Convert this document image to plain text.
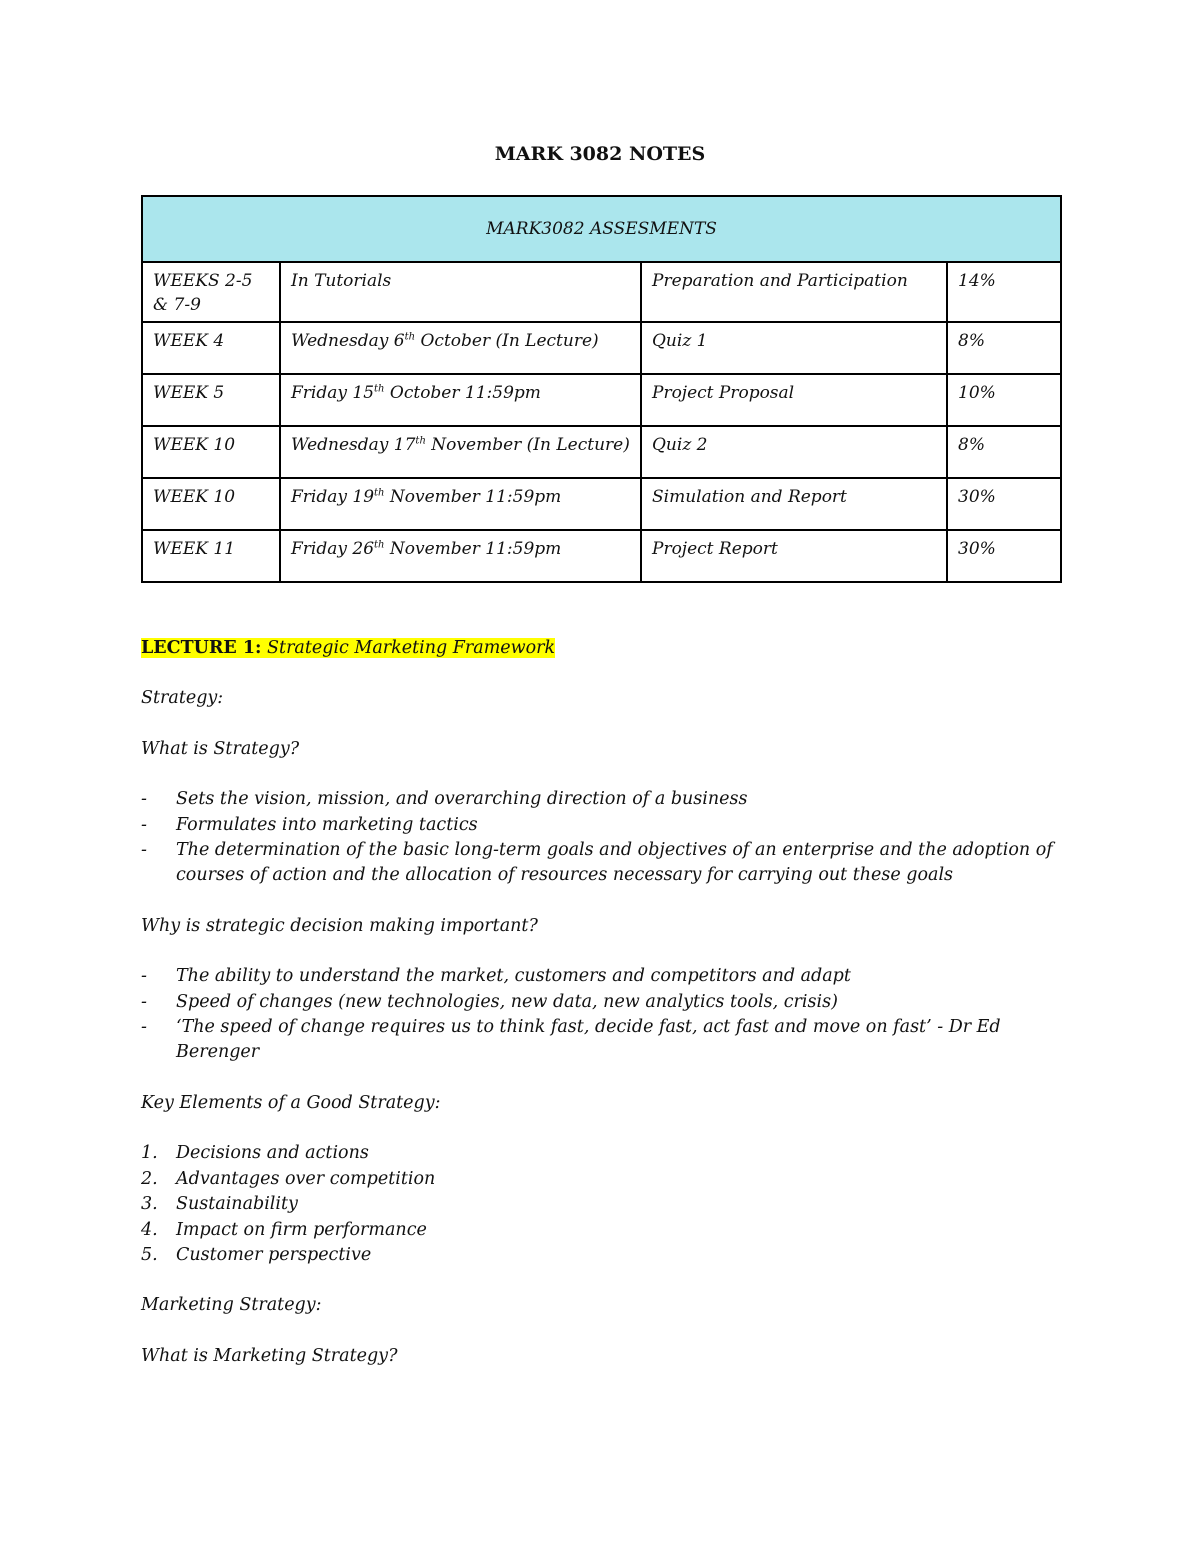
MARK 3082 NOTES
MARK3082 ASSESMENTS			
WEEKS 2-5 & 7-9	In Tutorials	Preparation and Participation	14%
WEEK 4	Wednesday 6th October (In Lecture)	Quiz 1	8%
WEEK 5	Friday 15th October 11:59pm	Project Proposal	10%
WEEK 10	Wednesday 17th November (In Lecture)	Quiz 2	8%
WEEK 10	Friday 19th November 11:59pm	Simulation and Report	30%
WEEK 11	Friday 26th November 11:59pm	Project Report	30%

LECTURE 1: Strategic Marketing Framework

Strategy:

What is Strategy?

- Sets the vision, mission, and overarching direction of a business
- Formulates into marketing tactics
- The determination of the basic long-term goals and objectives of an enterprise and the adoption of courses of action and the allocation of resources necessary for carrying out these goals

Why is strategic decision making important?

- The ability to understand the market, customers and competitors and adapt
- Speed of changes (new technologies, new data, new analytics tools, crisis)
- ‘The speed of change requires us to think fast, decide fast, act fast and move on fast’ - Dr Ed Berenger

Key Elements of a Good Strategy:

1. Decisions and actions
2. Advantages over competition
3. Sustainability
4. Impact on firm performance
5. Customer perspective

Marketing Strategy:

What is Marketing Strategy?
